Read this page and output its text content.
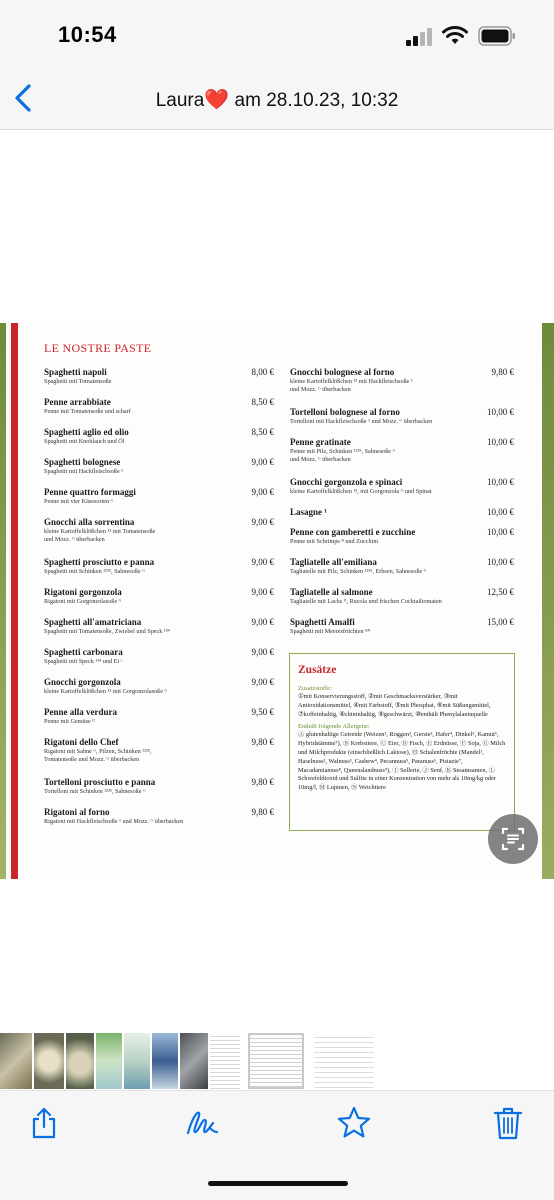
10:54
Laura❤️ am 28.10.23, 10:32
LE NOSTRE PASTE
Spaghetti napoli
Spaghetti mit Tomatensoße
8,00 €
Penne arrabbiate
Penne mit Tomatensoße und scharf
8,50 €
Spaghetti aglio ed olio
Spaghetti mit Knoblauch und Öl
8,50 €
Spaghetti bolognese
Spaghetti mit Hackfleischsoße ¹
9,00 €
Penne quattro formaggi
Penne mit vier Käsesorten ᴳ
9,00 €
Gnocchi alla sorrentina
kleine Kartoffelklößchen ¹³ mit Tomatensoße
und Mozz. ᴳ überbacken
9,00 €
Spaghetti prosciutto e panna
Spaghetti mit Schinken ¹²³⁵, Sahnesoße ᴳ
9,00 €
Rigatoni gorgonzola
Rigatoni mit Gorgonzolasoße ᴳ
9,00 €
Spaghetti all'amatriciana
Spaghetti mit Tomatensoße, Zwiebel und Speck ¹³⁴
9,00 €
Spaghetti carbonara
Spaghetti mit Speck ¹³⁴ und Ei ᶜ
9,00 €
Gnocchi gorgonzola
kleine Kartoffelklößchen ¹³ mit Gorgonzolasoße ᴳ
9,00 €
Penne alla verdura
Penne mit Gemüse ᴵᴶ
9,50 €
Rigatoni dello Chef
Rigatoni mit Sahne ᴳ, Pilzen, Schinken ¹²³⁵,
Tomatensoße und Mozz. ᴳ überbacken
9,80 €
Tortelloni prosciutto e panna
Tortelloni mit Schinken ¹²³⁵, Sahnesoße ᴳ
9,80 €
Rigatoni al forno
Rigatoni mit Hackfleischsoße ¹ und Mozz. ᴳ überbacken
9,80 €
Gnocchi bolognese al forno
kleine Kartoffelklößchen ¹³ mit Hackfleischsoße ¹
und Mozz. ᴳ überbacken
9,80 €
Tortelloni bolognese al forno
Tortelloni mit Hackfleischsoße ¹ und Mozz. ᴳ überbacken
10,00 €
Penne gratinate
Penne mit Pilz, Schinken ¹²³⁵, Sahnesoße ᴳ
und Mozz. ᴳ überbacken
10,00 €
Gnocchi gorgonzola e spinaci
kleine Kartoffelklößchen ¹³, mit Gorgonzola ᴳ und Spinat
10,00 €
Lasagne ¹	10,00 €
Penne con gamberetti e zucchine
Penne mit Schrimps ᴮ und Zucchini
10,00 €
Tagliatelle all'emiliana
Tagliatelle mit Pilz, Schinken ¹²³⁵, Erbsen, Sahnesoße ᴳ
10,00 €
Tagliatelle al salmone
Tagliatelle mit Lachs ᴰ, Rucola und frischen Cocktailtomaten
12,50 €
Spaghetti Amalfi
Spaghetti mit Meeresfrüchten ᴮᴺ
15,00 €
Zusätze
Zusatzstoffe:
①mit Konservierungsstoff, ②mit Geschmacksverstärker, ③mit Antioxidationsmittel, ④mit Farbstoff, ⑤mit Phosphat, ⑥mit Süßungsmittel, ⑦koffeinhaltig, ⑧chininhaltig, ⑨geschwärzt, ⑩enthält Phenylalaninquelle
Enthält folgende Allergene:
Ⓐ glutenhaltige Getreide (Weizen¹, Roggen², Gerste³, Hafer⁴, Dinkel⁵, Kamut⁶, Hybridstämme⁷), Ⓑ Krebstiere, Ⓒ Eier, Ⓓ Fisch, Ⓔ Erdnüsse, Ⓕ Soja, Ⓖ Milch und Milchprodukte (einschließlich Laktose), Ⓗ Schalenfrüchte (Mandel¹, Haselnuss², Walnuss³, Cashew⁴, Pecannuss⁵, Paranuss⁶, Pistazie⁷, Macadamianuss⁸, Queenslandnuss⁹), Ⓘ Sellerie, Ⓙ Senf, Ⓚ Sesamsamen, Ⓛ Schwefeldioxid und Sulfite in einer Konzentration von mehr als 10mg/kg oder 10mg/l, Ⓜ Lupinen, Ⓝ Weichtiere
